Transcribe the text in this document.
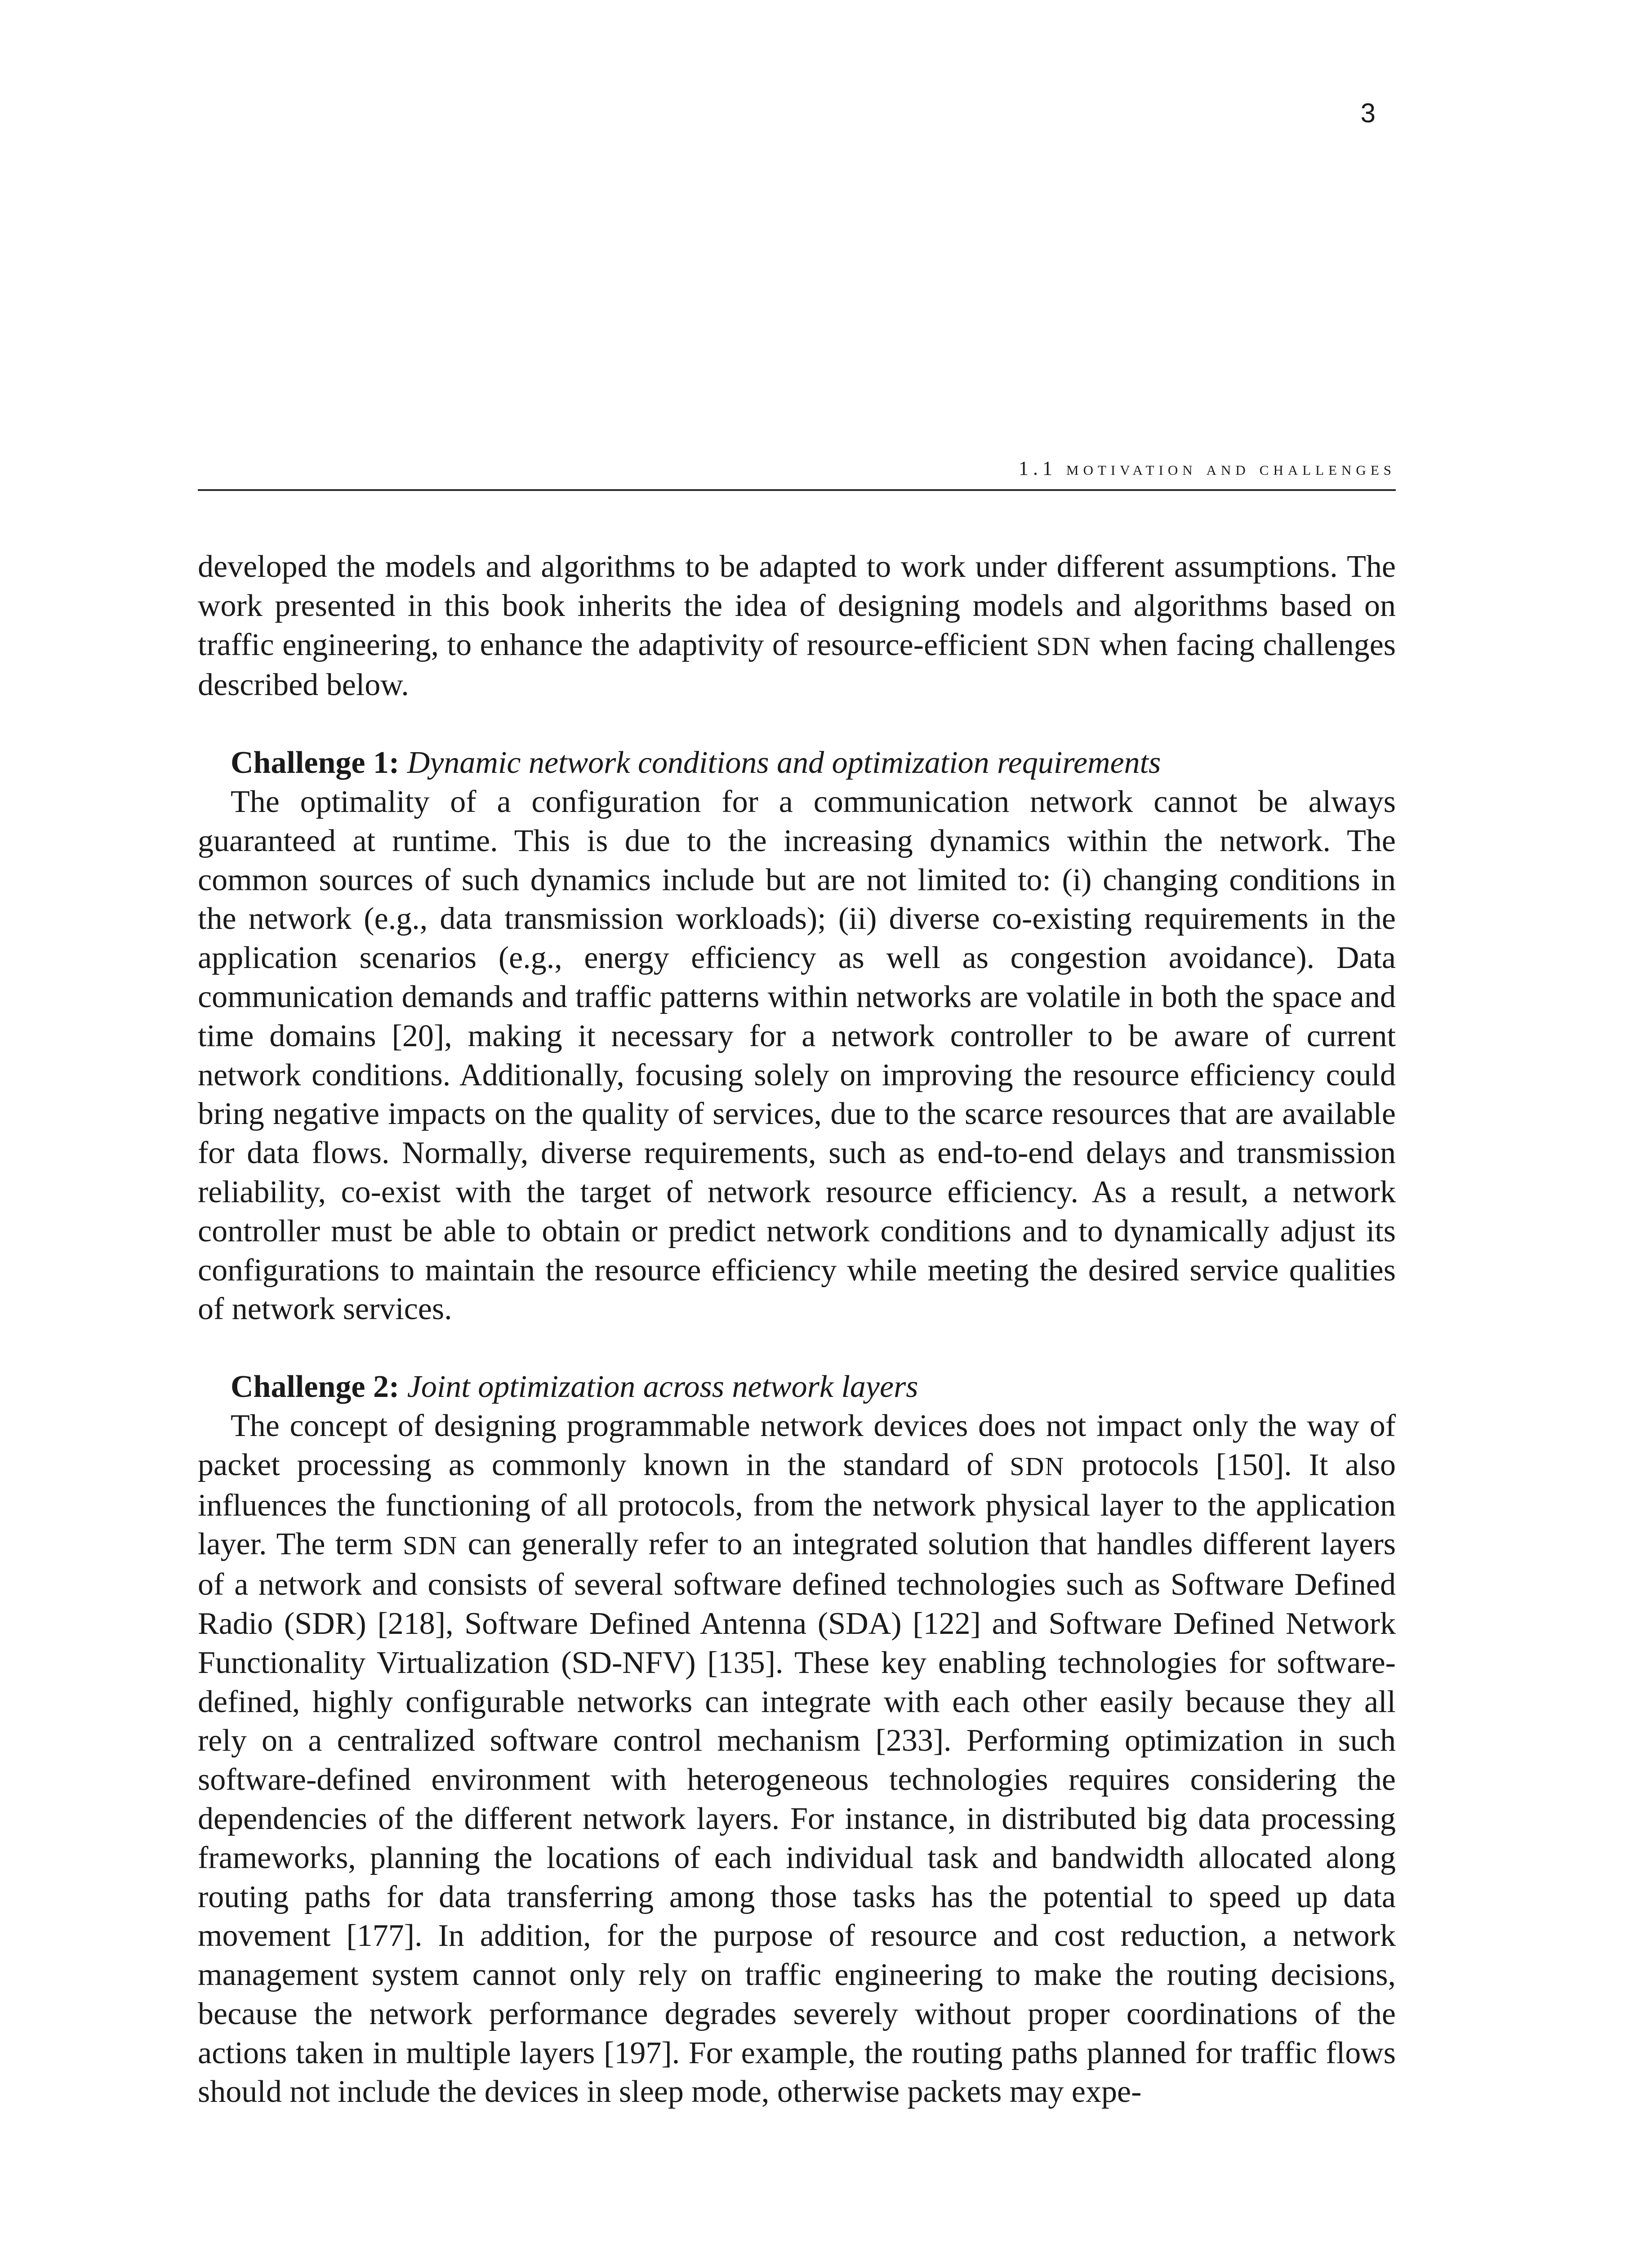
3
1.1 motivation and challenges

developed the models and algorithms to be adapted to work under different assumptions. The work presented in this book inherits the idea of designing models and algorithms based on traffic engineering, to enhance the adaptivity of resource-efficient SDN when facing challenges described below.

Challenge 1: Dynamic network conditions and optimization requirements

The optimality of a configuration for a communication network cannot be always guaranteed at runtime. This is due to the increasing dynamics within the network. The common sources of such dynamics include but are not limited to: (i) changing conditions in the network (e.g., data transmission workloads); (ii) diverse co-existing requirements in the application scenarios (e.g., energy efficiency as well as congestion avoidance). Data communication demands and traffic patterns within networks are volatile in both the space and time domains [20], making it necessary for a network controller to be aware of current network conditions. Additionally, focusing solely on improving the resource efficiency could bring negative impacts on the quality of services, due to the scarce resources that are available for data flows. Normally, diverse requirements, such as end-to-end delays and transmission reliability, co-exist with the target of network resource efficiency. As a result, a network controller must be able to obtain or predict network conditions and to dynamically adjust its configurations to maintain the resource efficiency while meeting the desired service qualities of network services.

Challenge 2: Joint optimization across network layers

The concept of designing programmable network devices does not impact only the way of packet processing as commonly known in the standard of SDN protocols [150]. It also influences the functioning of all protocols, from the network physical layer to the application layer. The term SDN can generally refer to an integrated solution that handles different layers of a network and consists of several software defined technologies such as Software Defined Radio (SDR) [218], Software Defined Antenna (SDA) [122] and Software Defined Network Functionality Virtualization (SD-NFV) [135]. These key enabling technologies for software-defined, highly configurable networks can integrate with each other easily because they all rely on a centralized software control mechanism [233]. Performing optimization in such software-defined environment with heterogeneous technologies requires considering the dependencies of the different network layers. For instance, in distributed big data processing frameworks, planning the locations of each individual task and bandwidth allocated along routing paths for data transferring among those tasks has the potential to speed up data movement [177]. In addition, for the purpose of resource and cost reduction, a network management system cannot only rely on traffic engineering to make the routing decisions, because the network performance degrades severely without proper coordinations of the actions taken in multiple layers [197]. For example, the routing paths planned for traffic flows should not include the devices in sleep mode, otherwise packets may expe-
